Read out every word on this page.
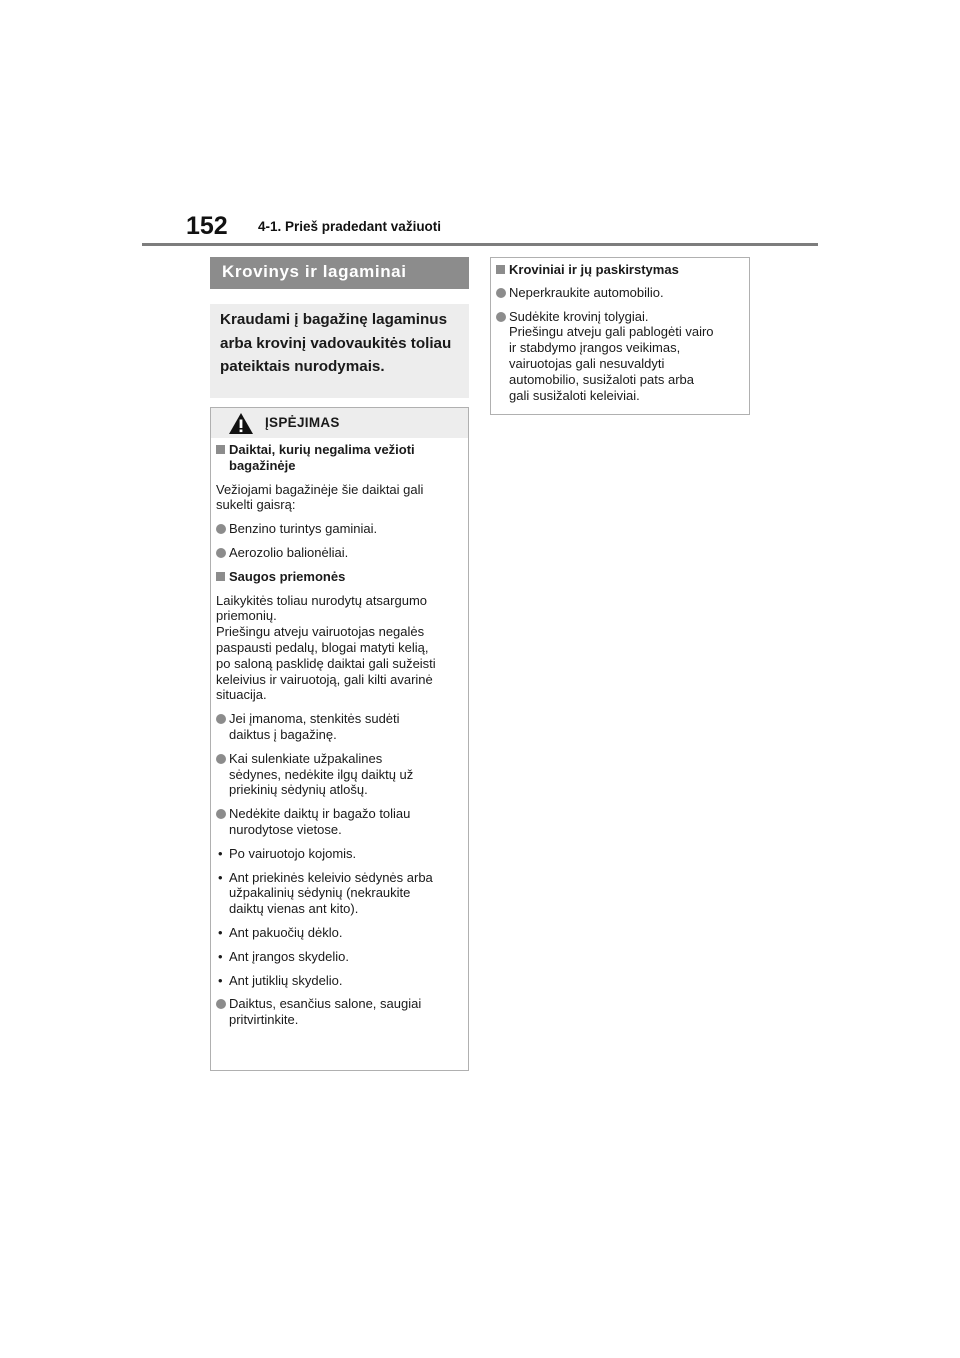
152 4-1. Prieš pradedant važiuoti
Krovinys ir lagaminai
Kraudami į bagažinę lagaminus arba krovinį vadovaukitės toliau pateiktais nurodymais.
ĮSPĖJIMAS
Daiktai, kurių negalima vežioti
bagažinėje
Vežiojami bagažinėje šie daiktai gali
sukelti gaisrą:
Benzino turintys gaminiai.
Aerozolio balionėliai.
Saugos priemonės
Laikykitės toliau nurodytų atsargumo
priemonių.
Priešingu atveju vairuotojas negalės
paspausti pedalų, blogai matyti kelią,
po saloną pasklidę daiktai gali sužeisti
keleivius ir vairuotoją, gali kilti avarinė
situacija.
Jei įmanoma, stenkitės sudėti
daiktus į bagažinę.
Kai sulenkiate užpakalines
sėdynes, nedėkite ilgų daiktų už
priekinių sėdynių atlošų.
Nedėkite daiktų ir bagažo toliau
nurodytose vietose.
• Po vairuotojo kojomis.
• Ant priekinės keleivio sėdynės arba
užpakalinių sėdynių (nekraukite
daiktų vienas ant kito).
• Ant pakuočių dėklo.
• Ant įrangos skydelio.
• Ant jutiklių skydelio.
Daiktus, esančius salone, saugiai
pritvirtinkite.
Kroviniai ir jų paskirstymas
Neperkraukite automobilio.
Sudėkite krovinį tolygiai.
Priešingu atveju gali pablogėti vairo
ir stabdymo įrangos veikimas,
vairuotojas gali nesuvaldyti
automobilio, susižaloti pats arba
gali susižaloti keleiviai.
